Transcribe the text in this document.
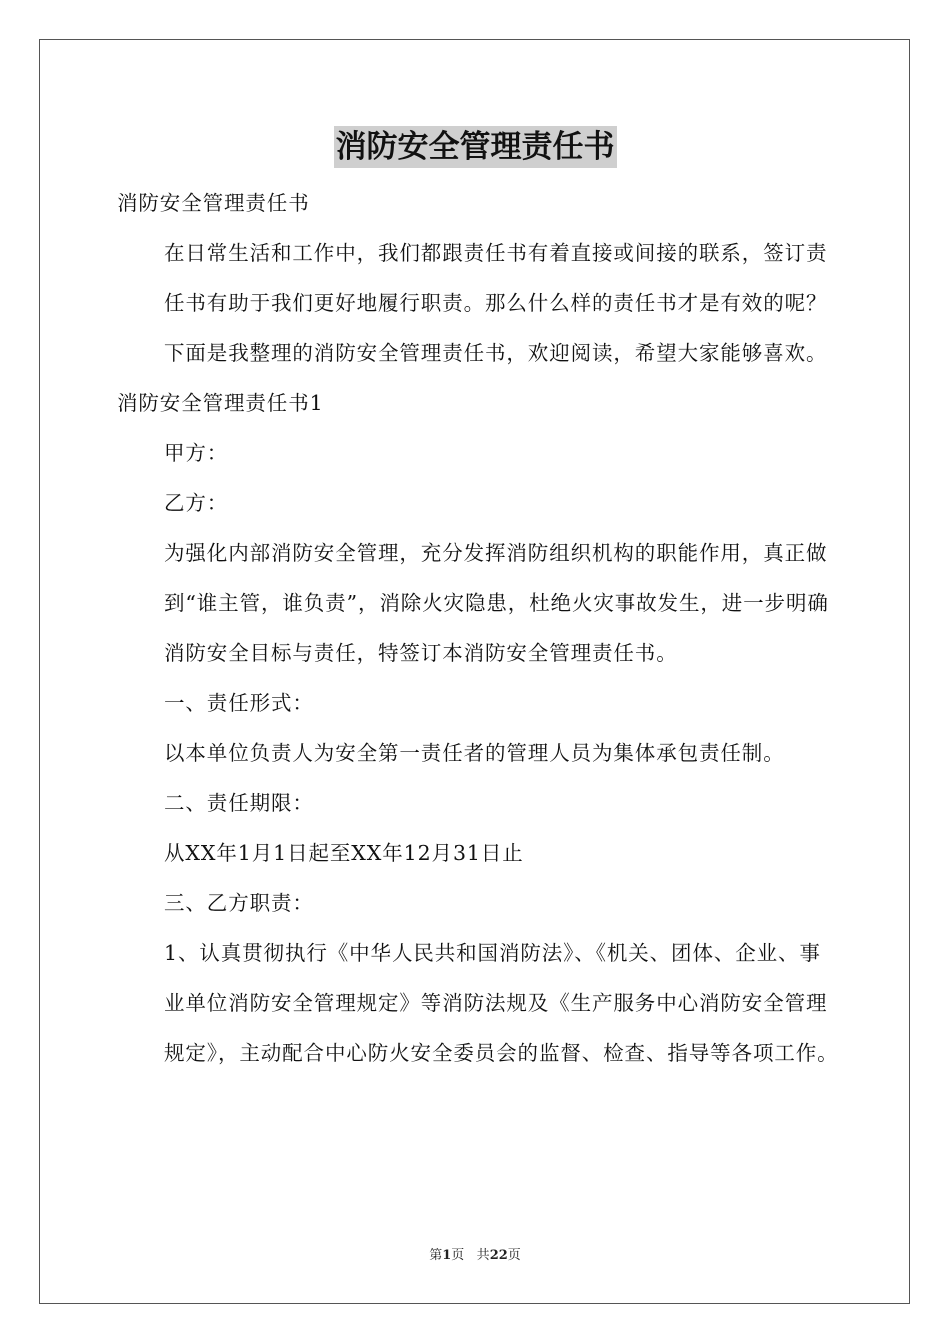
消防安全管理责任书

消防安全管理责任书

在日常生活和工作中，我们都跟责任书有着直接或间接的联系，签订责任书有助于我们更好地履行职责。那么什么样的责任书才是有效的呢？下面是我整理的消防安全管理责任书，欢迎阅读，希望大家能够喜欢。

消防安全管理责任书1

甲方：

乙方：

为强化内部消防安全管理，充分发挥消防组织机构的职能作用，真正做到“谁主管，谁负责”，消除火灾隐患，杜绝火灾事故发生，进一步明确消防安全目标与责任，特签订本消防安全管理责任书。

一、责任形式：

以本单位负责人为安全第一责任者的管理人员为集体承包责任制。

二、责任期限：

从XX年1月1日起至XX年12月31日止

三、乙方职责：

1、认真贯彻执行《中华人民共和国消防法》、《机关、团体、企业、事业单位消防安全管理规定》等消防法规及《生产服务中心消防安全管理规定》，主动配合中心防火安全委员会的监督、检查、指导等各项工作。

第1页 共22页
